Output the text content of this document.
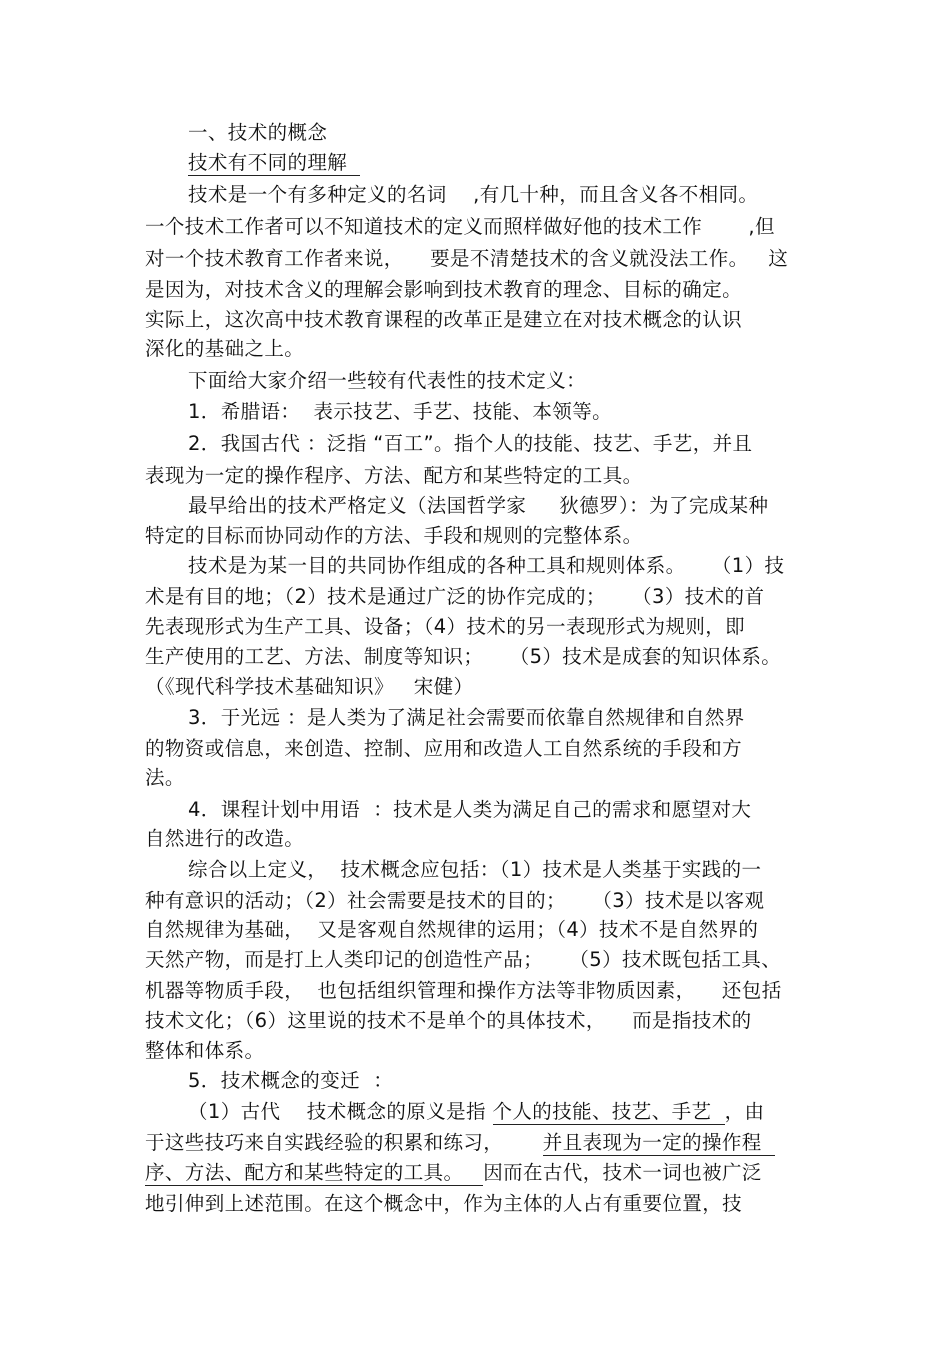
一、技术的概念
技术有不同的理解
技术是一个有多种定义的名词    ,有几十种，而且含义各不相同。
一个技术工作者可以不知道技术的定义而照样做好他的技术工作       ,但
对一个技术教育工作者来说，    要是不清楚技术的含义就没法工作。   这
是因为，对技术含义的理解会影响到技术教育的理念、目标的确定。
实际上，这次高中技术教育课程的改革正是建立在对技术概念的认识
深化的基础之上。
下面给大家介绍一些较有代表性的技术定义：
1．希腊语：  表示技艺、手艺、技能、本领等。
2．我国古代 ：泛指 “百工”。指个人的技能、技艺、手艺，并且
表现为一定的操作程序、方法、配方和某些特定的工具。
最早给出的技术严格定义（法国哲学家     狄德罗）：为了完成某种
特定的目标而协同动作的方法、手段和规则的完整体系。
技术是为某一目的共同协作组成的各种工具和规则体系。    （1）技
术是有目的地；（2）技术是通过广泛的协作完成的；    （3）技术的首
先表现形式为生产工具、设备；（4）技术的另一表现形式为规则，即
生产使用的工艺、方法、制度等知识；    （5）技术是成套的知识体系。
（《现代科学技术基础知识》   宋健）
3．于光远 ：是人类为了满足社会需要而依靠自然规律和自然界
的物资或信息，来创造、控制、应用和改造人工自然系统的手段和方
法。
4．课程计划中用语  ：技术是人类为满足自己的需求和愿望对大
自然进行的改造。
综合以上定义，  技术概念应包括：（1）技术是人类基于实践的一
种有意识的活动；（2）社会需要是技术的目的；    （3）技术是以客观
自然规律为基础，  又是客观自然规律的运用；（4）技术不是自然界的
天然产物，而是打上人类印记的创造性产品；    （5）技术既包括工具、
机器等物质手段，  也包括组织管理和操作方法等非物质因素，    还包括
技术文化；（6）这里说的技术不是单个的具体技术，    而是指技术的
整体和体系。
5．技术概念的变迁  ：
（1）古代    技术概念的原义是指 个人的技能、技艺、手艺  ，由
于这些技巧来自实践经验的积累和练习，      并且表现为一定的操作程
序、方法、配方和某些特定的工具。   因而在古代，技术一词也被广泛
地引伸到上述范围。在这个概念中，作为主体的人占有重要位置，技
